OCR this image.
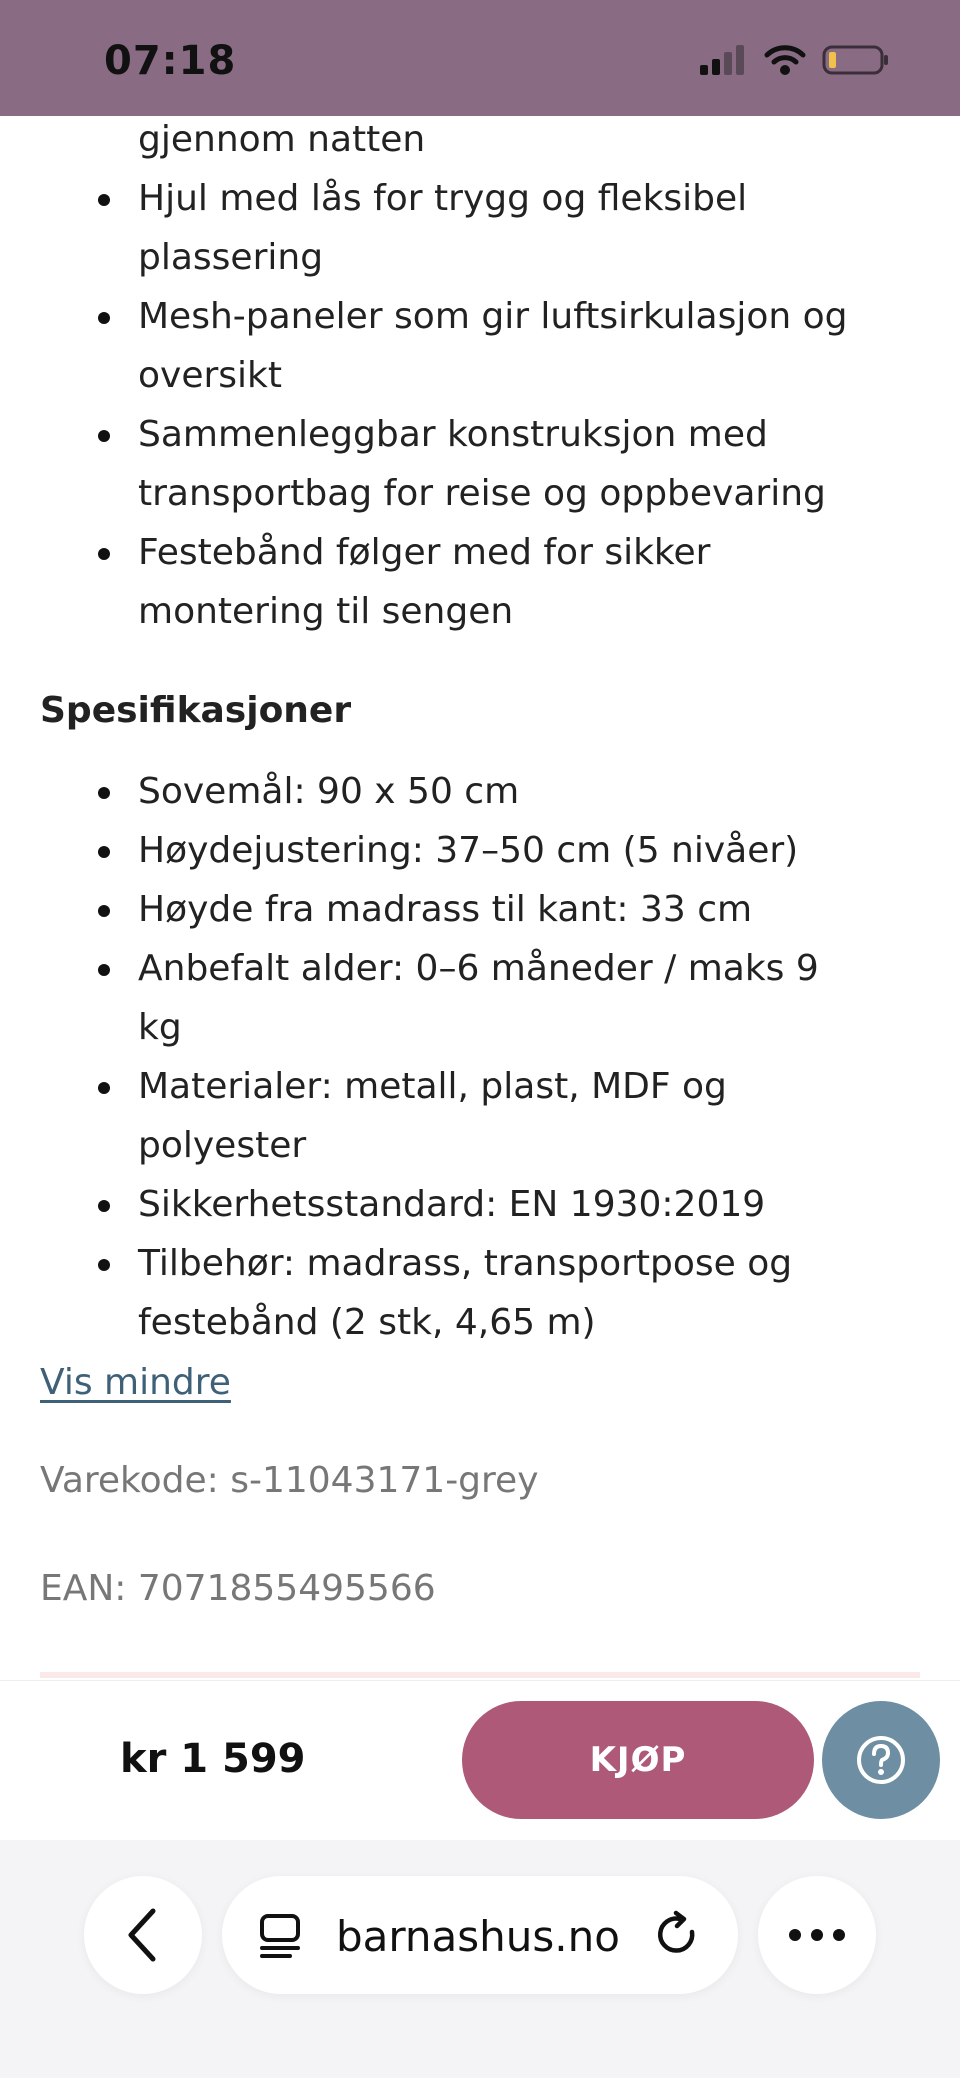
07:18
gjennom natten
Hjul med lås for trygg og fleksibel
plassering
Mesh-paneler som gir luftsirkulasjon og
oversikt
Sammenleggbar konstruksjon med
transportbag for reise og oppbevaring
Festebånd følger med for sikker
montering til sengen
Spesifikasjoner
Sovemål: 90 x 50 cm
Høydejustering: 37–50 cm (5 nivåer)
Høyde fra madrass til kant: 33 cm
Anbefalt alder: 0–6 måneder / maks 9
kg
Materialer: metall, plast, MDF og
polyester
Sikkerhetsstandard: EN 1930:2019
Tilbehør: madrass, transportpose og
festebånd (2 stk, 4,65 m)
Vis mindre
Varekode: s-11043171-grey
EAN: 7071855495566
kr 1 599	KJØP
barnashus.no
